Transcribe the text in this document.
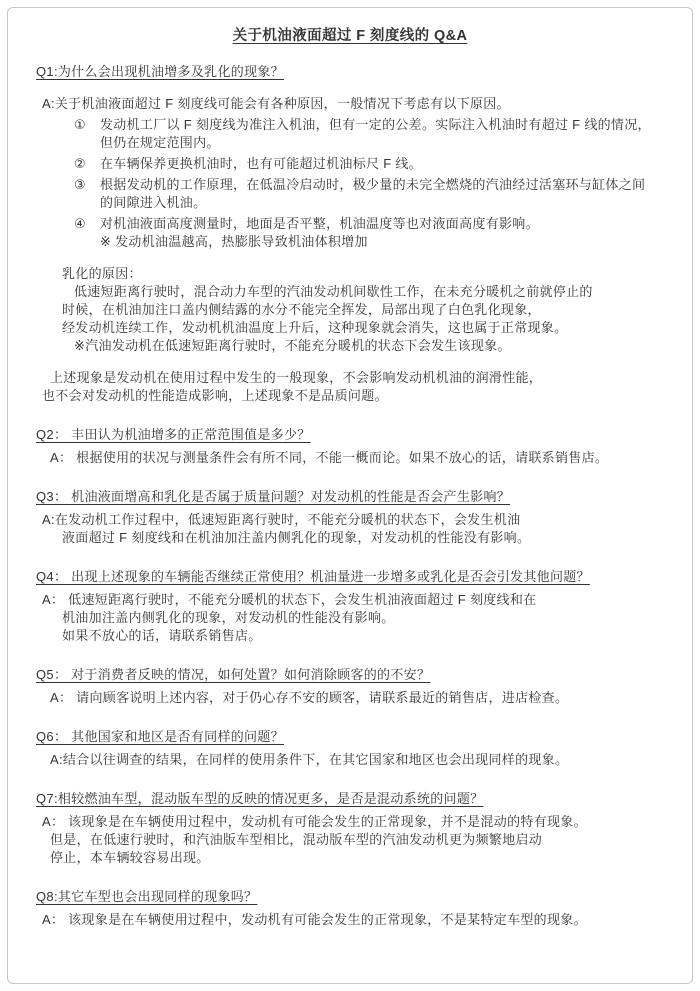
关于机油液面超过 F 刻度线的 Q&A
Q1:为什么会出现机油增多及乳化的现象？
A:关于机油液面超过 F 刻度线可能会有各种原因，一般情况下考虑有以下原因。
①	发动机工厂以 F 刻度线为准注入机油，但有一定的公差。实际注入机油时有超过 F 线的情况，
但仍在规定范围内。
②	在车辆保养更换机油时，也有可能超过机油标尺 F 线。
③	根据发动机的工作原理，在低温冷启动时，极少量的未完全燃烧的汽油经过活塞环与缸体之间
的间隙进入机油。
④	对机油液面高度测量时，地面是否平整，机油温度等也对液面高度有影响。
※ 发动机油温越高，热膨胀导致机油体积增加
乳化的原因：
低速短距离行驶时，混合动力车型的汽油发动机间歇性工作，在未充分暖机之前就停止的
时候，在机油加注口盖内侧结露的水分不能完全挥发，局部出现了白色乳化现象，
经发动机连续工作，发动机机油温度上升后，这种现象就会消失，这也属于正常现象。
※汽油发动机在低速短距离行驶时，不能充分暖机的状态下会发生该现象。
上述现象是发动机在使用过程中发生的一般现象，不会影响发动机机油的润滑性能，
也不会对发动机的性能造成影响，上述现象不是品质问题。
Q2： 丰田认为机油增多的正常范围值是多少？
A： 根据使用的状况与测量条件会有所不同，不能一概而论。如果不放心的话，请联系销售店。
Q3： 机油液面增高和乳化是否属于质量问题？对发动机的性能是否会产生影响？
A:在发动机工作过程中，低速短距离行驶时，不能充分暖机的状态下，会发生机油
液面超过 F 刻度线和在机油加注盖内侧乳化的现象，对发动机的性能没有影响。
Q4： 出现上述现象的车辆能否继续正常使用？机油量进一步增多或乳化是否会引发其他问题？
A： 低速短距离行驶时，不能充分暖机的状态下，会发生机油液面超过 F 刻度线和在
机油加注盖内侧乳化的现象，对发动机的性能没有影响。
如果不放心的话，请联系销售店。
Q5： 对于消费者反映的情况，如何处置？如何消除顾客的的不安？
A： 请向顾客说明上述内容，对于仍心存不安的顾客，请联系最近的销售店，进店检查。
Q6： 其他国家和地区是否有同样的问题？
A:结合以往调查的结果，在同样的使用条件下，在其它国家和地区也会出现同样的现象。
Q7:相较燃油车型，混动版车型的反映的情况更多，是否是混动系统的问题？
A： 该现象是在车辆使用过程中，发动机有可能会发生的正常现象，并不是混动的特有现象。
但是，在低速行驶时，和汽油版车型相比，混动版车型的汽油发动机更为频繁地启动
停止，本车辆较容易出现。
Q8:其它车型也会出现同样的现象吗？
A： 该现象是在车辆使用过程中，发动机有可能会发生的正常现象，不是某特定车型的现象。
